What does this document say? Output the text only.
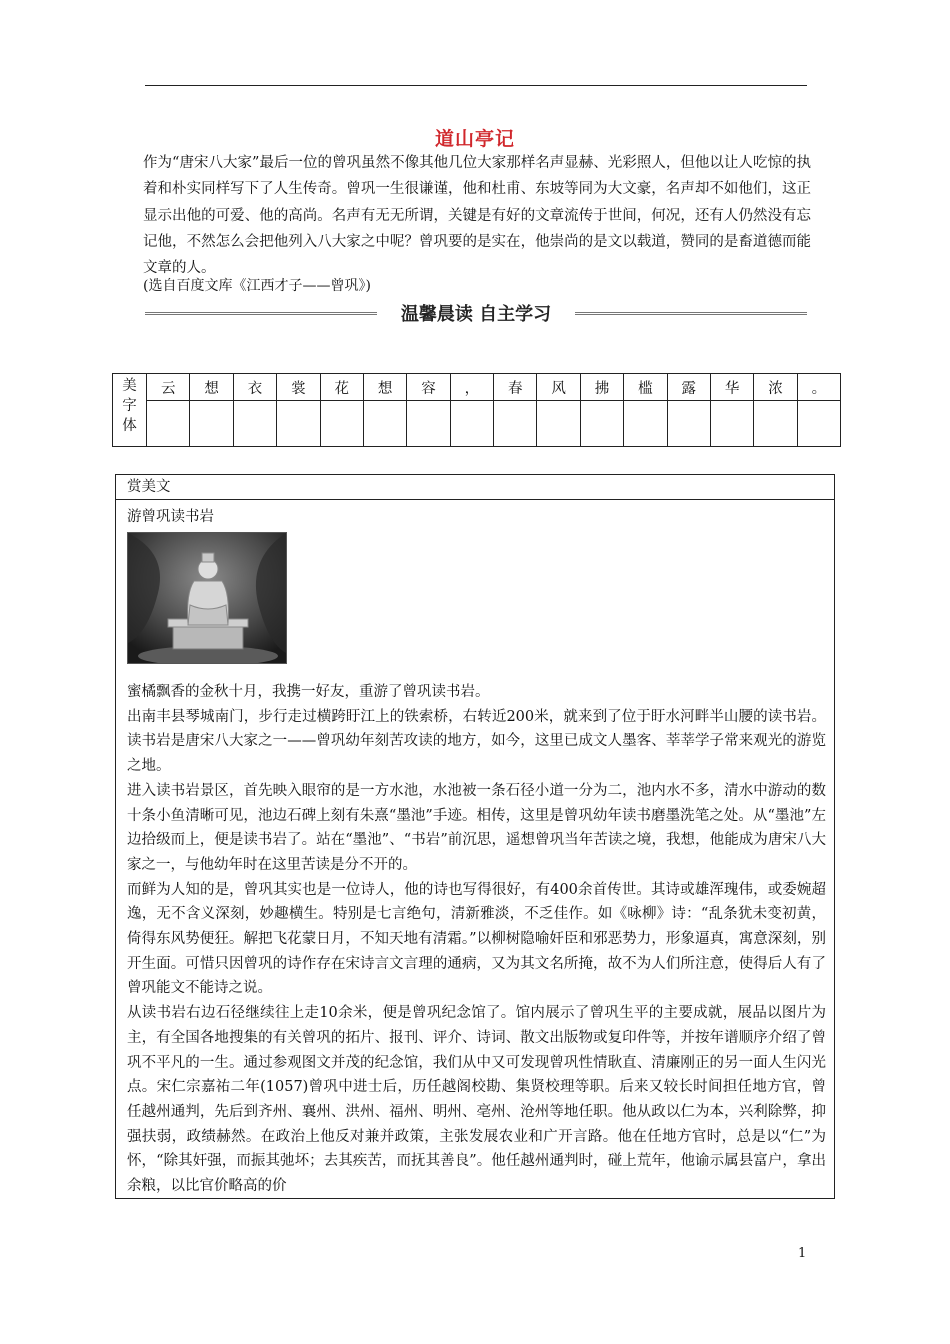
道山亭记

作为“唐宋八大家”最后一位的曾巩虽然不像其他几位大家那样名声显赫、光彩照人，但他以让人吃惊的执着和朴实同样写下了人生传奇。曾巩一生很谦谨，他和杜甫、东坡等同为大文豪，名声却不如他们，这正显示出他的可爱、他的高尚。名声有无无所谓，关键是有好的文章流传于世间，何况，还有人仍然没有忘记他，不然怎么会把他列入八大家之中呢？曾巩要的是实在，他崇尚的是文以载道，赞同的是畜道德而能文章的人。

(选自百度文库《江西才子——曾巩》)
温馨晨读 自主学习
美字体	云	想	衣	裳	花	想	容	，	春	风	拂	槛	露	华	浓	。

赏美文
游曾巩读书岩

蜜橘飘香的金秋十月，我携一好友，重游了曾巩读书岩。

出南丰县琴城南门，步行走过横跨盱江上的铁索桥，右转近200米，就来到了位于盱水河畔半山腰的读书岩。读书岩是唐宋八大家之一——曾巩幼年刻苦攻读的地方，如今，这里已成文人墨客、莘莘学子常来观光的游览之地。

进入读书岩景区，首先映入眼帘的是一方水池，水池被一条石径小道一分为二，池内水不多，清水中游动的数十条小鱼清晰可见，池边石碑上刻有朱熹“墨池”手迹。相传，这里是曾巩幼年读书磨墨洗笔之处。从“墨池”左边拾级而上，便是读书岩了。站在“墨池”、“书岩”前沉思，遥想曾巩当年苦读之境，我想，他能成为唐宋八大家之一，与他幼年时在这里苦读是分不开的。

而鲜为人知的是，曾巩其实也是一位诗人，他的诗也写得很好，有400余首传世。其诗或雄浑瑰伟，或委婉超逸，无不含义深刻，妙趣横生。特别是七言绝句，清新雅淡，不乏佳作。如《咏柳》诗：“乱条犹未变初黄，倚得东风势便狂。解把飞花蒙日月，不知天地有清霜。”以柳树隐喻奸臣和邪恶势力，形象逼真，寓意深刻，别开生面。可惜只因曾巩的诗作存在宋诗言文言理的通病，又为其文名所掩，故不为人们所注意，使得后人有了曾巩能文不能诗之说。

从读书岩右边石径继续往上走10余米，便是曾巩纪念馆了。馆内展示了曾巩生平的主要成就，展品以图片为主，有全国各地搜集的有关曾巩的拓片、报刊、评介、诗词、散文出版物或复印件等，并按年谱顺序介绍了曾巩不平凡的一生。通过参观图文并茂的纪念馆，我们从中又可发现曾巩性情耿直、清廉刚正的另一面人生闪光点。宋仁宗嘉祐二年(1057)曾巩中进士后，历任越阁校勘、集贤校理等职。后来又较长时间担任地方官，曾任越州通判，先后到齐州、襄州、洪州、福州、明州、亳州、沧州等地任职。他从政以仁为本，兴利除弊，抑强扶弱，政绩赫然。在政治上他反对兼并政策，主张发展农业和广开言路。他在任地方官时，总是以“仁”为怀，“除其奸强，而振其弛坏；去其疾苦，而抚其善良”。他任越州通判时，碰上荒年，他谕示属县富户，拿出余粮，以比官价略高的价

1
